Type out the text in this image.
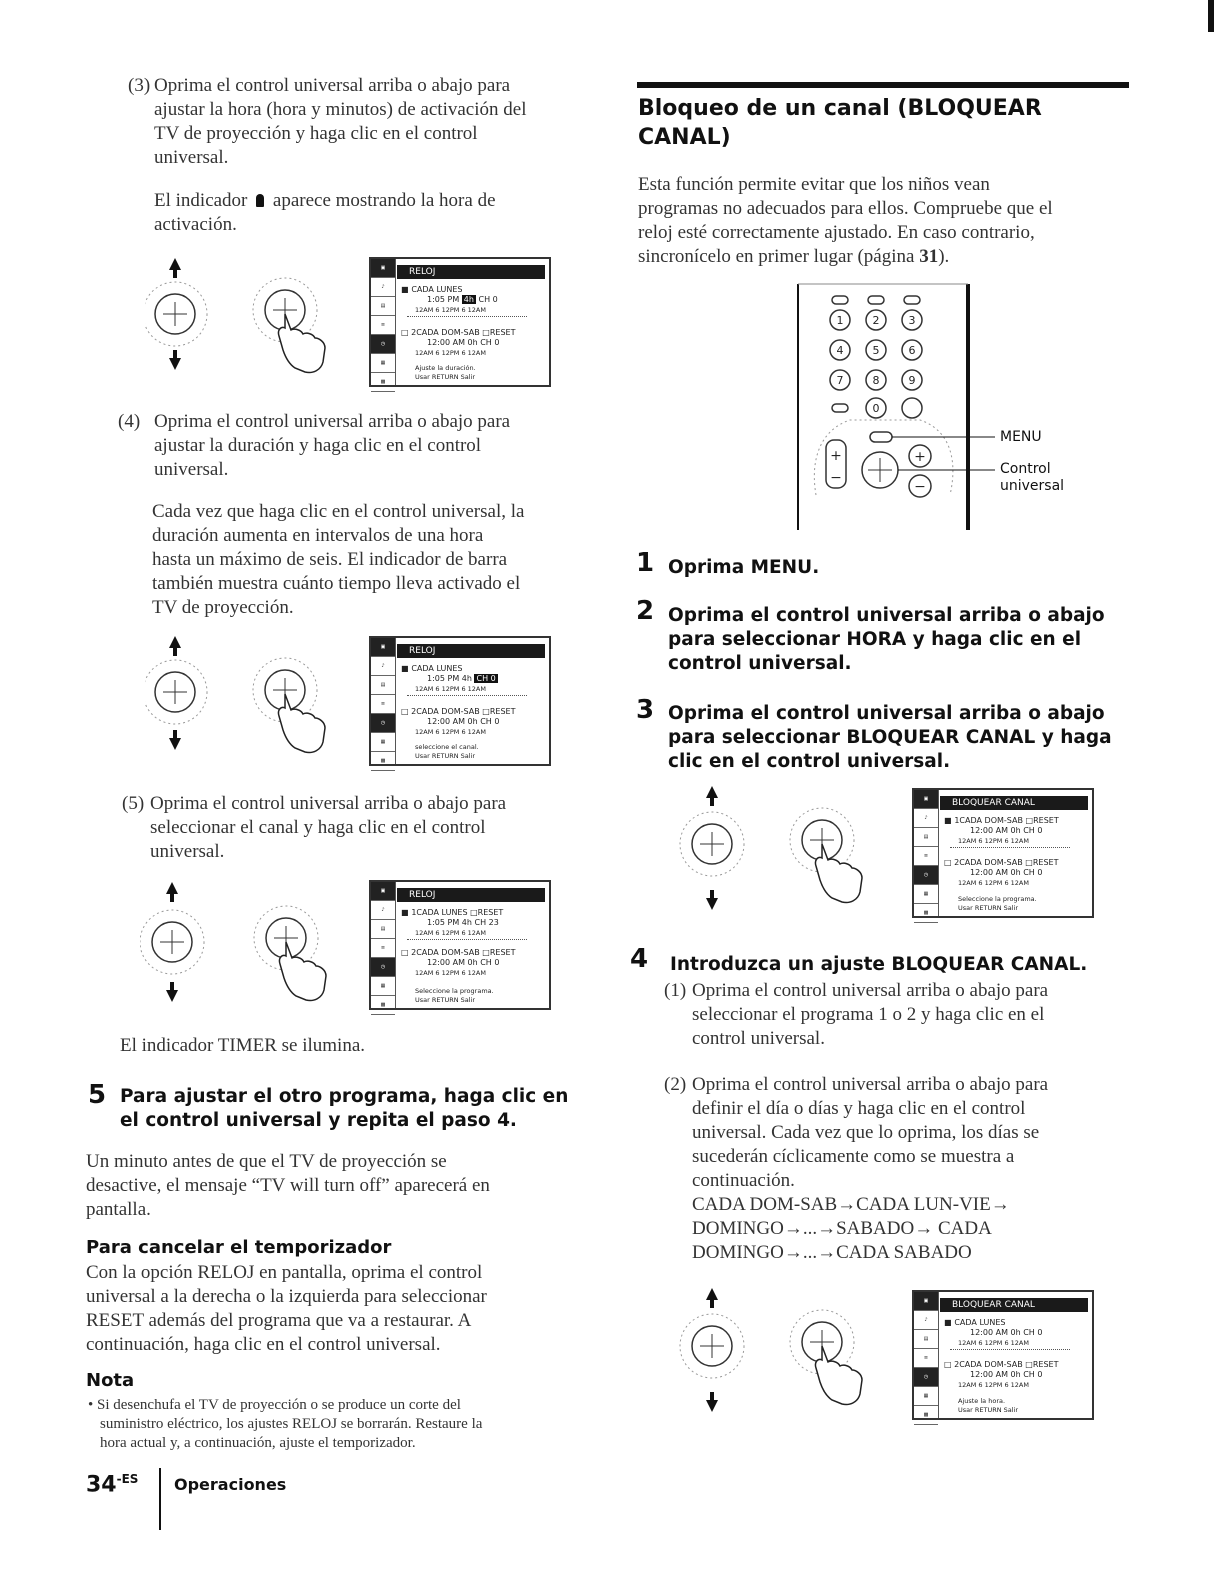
(3) Oprima el control universal arriba o abajo para
ajustar la hora (hora y minutos) de activación del
TV de proyección y haga clic en el control
universal.
El indicador aparece mostrando la hora de
activación.
▣
♪
▤
≡
◷
▦
▩
RELOJ
■ CADA LUNES
1:05 PM 4h CH 0
12AM 6 12PM 6 12AM
□ 2CADA DOM-SAB □RESET
12:00 AM 0h CH 0
12AM 6 12PM 6 12AM
Ajuste la duración.
Usar RETURN Salir
(4) Oprima el control universal arriba o abajo para
ajustar la duración y haga clic en el control
universal.
Cada vez que haga clic en el control universal, la
duración aumenta en intervalos de una hora
hasta un máximo de seis. El indicador de barra
también muestra cuánto tiempo lleva activado el
TV de proyección.
▣
♪
▤
≡
◷
▦
▩
RELOJ
■ CADA LUNES
1:05 PM 4h CH 0
12AM 6 12PM 6 12AM
□ 2CADA DOM-SAB □RESET
12:00 AM 0h CH 0
12AM 6 12PM 6 12AM
seleccione el canal.
Usar RETURN Salir
(5) Oprima el control universal arriba o abajo para
seleccionar el canal y haga clic en el control
universal.
▣
♪
▤
≡
◷
▦
▩
RELOJ
■ 1CADA LUNES □RESET
1:05 PM 4h CH 23
12AM 6 12PM 6 12AM
□ 2CADA DOM-SAB □RESET
12:00 AM 0h CH 0
12AM 6 12PM 6 12AM
Seleccione la programa.
Usar RETURN Salir
El indicador TIMER se ilumina.
5 Para ajustar el otro programa, haga clic en
el control universal y repita el paso 4.
Un minuto antes de que el TV de proyección se
desactive, el mensaje “TV will turn off” aparecerá en
pantalla.
Para cancelar el temporizador
Con la opción RELOJ en pantalla, oprima el control
universal a la derecha o la izquierda para seleccionar
RESET además del programa que va a restaurar. A
continuación, haga clic en el control universal.
Nota
• Si desenchufa el TV de proyección o se produce un corte del
suministro eléctrico, los ajustes RELOJ se borrarán. Restaure la
hora actual y, a continuación, ajuste el temporizador.
$34^{-ES}$ Operaciones
Bloqueo de un canal (BLOQUEAR
CANAL)
Esta función permite evitar que los niños vean
programas no adecuados para ellos. Compruebe que el
reloj esté correctamente ajustado. En caso contrario,
sincronícelo en primer lugar (página 31).
1	2	3
4	5	6
7	8	9
0
+
−
+
−
MENU
Control
universal
1 Oprima MENU.
2 Oprima el control universal arriba o abajo
para seleccionar HORA y haga clic en el
control universal.
3 Oprima el control universal arriba o abajo
para seleccionar BLOQUEAR CANAL y haga
clic en el control universal.
▣
♪
▤
≡
◷
▦
▩
BLOQUEAR CANAL
■ 1CADA DOM-SAB □RESET
12:00 AM 0h CH 0
12AM 6 12PM 6 12AM
□ 2CADA DOM-SAB □RESET
12:00 AM 0h CH 0
12AM 6 12PM 6 12AM
Seleccione la programa.
Usar RETURN Salir
4 Introduzca un ajuste BLOQUEAR CANAL.
(1) Oprima el control universal arriba o abajo para
seleccionar el programa 1 o 2 y haga clic en el
control universal.
(2) Oprima el control universal arriba o abajo para
definir el día o días y haga clic en el control
universal. Cada vez que lo oprima, los días se
sucederán cíclicamente como se muestra a
continuación.
CADA DOM-SAB→CADA LUN-VIE→
DOMINGO→...→SABADO→ CADA
DOMINGO→...→CADA SABADO
▣
♪
▤
≡
◷
▦
▩
BLOQUEAR CANAL
■ CADA LUNES
12:00 AM 0h CH 0
12AM 6 12PM 6 12AM
□ 2CADA DOM-SAB □RESET
12:00 AM 0h CH 0
12AM 6 12PM 6 12AM
Ajuste la hora.
Usar RETURN Salir
